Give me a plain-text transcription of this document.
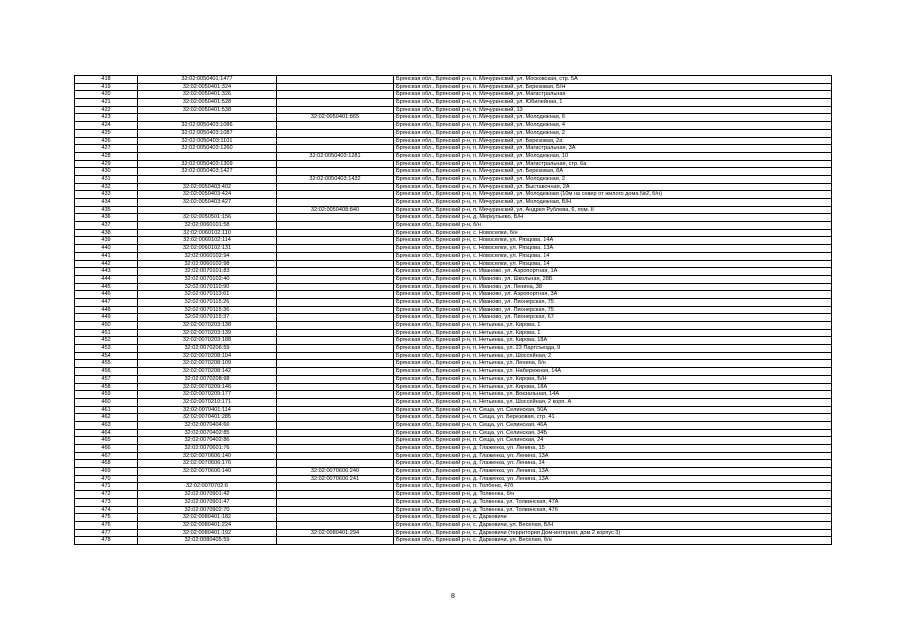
418	32:02:0050401:1477		Брянская обл., Брянский р-н, п. Мичуринский, ул. Московская, стр. 5А
419	32:02:0050401:324		Брянская обл., Брянский р-н, п. Мичуринский, ул. Березовая, Б/Н
420	32:02:0050401:326		Брянская обл., Брянский р-н, п. Мичуринский, ул. Магистральная
421	32:02:0050401:528		Брянская обл., Брянский р-н, п. Мичуринский, ул. Юбилейная, 1
422	32:02:0050401:538		Брянская обл., Брянский р-н, п. Мичуринский, 13
423		32:02:0050401:865	Брянская обл., Брянский р-н, п. Мичуринский, ул. Молодежная, 6
424	32:02:0050403:1086		Брянская обл., Брянский р-н, п. Мичуринский, ул. Молодежная, 4
425	32:02:0050403:1087		Брянская обл., Брянский р-н, п. Мичуринский, ул. Молодежная, 2
426	32:02:0050403:1101		Брянская обл., Брянский р-н, п. Мичуринский, ул. Березовая, 2а
427	32:02:0050403:1260		Брянская обл., Брянский р-н, п. Мичуринский, ул. Магистральная, 3А
428		32:02:0050403:1281	Брянская обл., Брянский р-н, п. Мичуринский, ул. Молодежная, 10
429	32:02:0050403:1309		Брянская обл., Брянский р-н, п. Мичуринский, ул. Магистральная, стр. 6а
430	32:02:0050403:1427		Брянская обл., Брянский р-н, п. Мичуринский, ул. Березовая, 8А
431		32:02:0050403:1432	Брянская обл., Брянский р-н, п. Мичуринский, ул. Молодежная, 2
432	32:02:0050403:402		Брянская обл., Брянский р-н, п. Мичуринский, ул. Выставочная, 2А
433	32:02:0050403:424		Брянская обл., Брянский р-н, п. Мичуринский, ул. Молодежная (10м на север от жилого дома №2, б/н)
434	32:02:0050403:427		Брянская обл., Брянский р-н, п. Мичуринский, ул. Молодежная, Б/Н
435		32:02:0050408:840	Брянская обл., Брянский р-н, п. Мичуринский, ул. Андрея Рублева, 6, пом. II
436	32:02:0050501:156		Брянская обл., Брянский р-н, д. Меркульево, Б/Н
437	32:02:0060101:58		Брянская обл., Брянский р-н, б/н
438	32:02:0060102:110		Брянская обл., Брянский р-н, с. Новоселки, б/н
439	32:02:0060102:114		Брянская обл., Брянский р-н, с. Новоселки, ул. Рязцова, 14А
440	32:02:0060102:131		Брянская обл., Брянский р-н, с. Новоселки, ул. Рязцова, 13А
441	32:02:0060102:94		Брянская обл., Брянский р-н, с. Новоселки, ул. Рязцова, 14
442	32:02:0060102:98		Брянская обл., Брянский р-н, с. Новоселки, ул. Рязцова, 14
443	32:02:0070101:83		Брянская обл., Брянский р-н, п. Иваново, ул. Аэропортная, 1А
444	32:02:0070102:40		Брянская обл., Брянский р-н, п. Иваново, ул. Школьная, 28Б
445	32:02:0070110:90		Брянская обл., Брянский р-н, п. Иваново, ул. Ленина, 38
446	32:02:0070113:61		Брянская обл., Брянский р-н, п. Иваново, ул. Аэропортная, 3А
447	32:02:0070115:26		Брянская обл., Брянский р-н, п. Иваново, ул. Пионерская, 75
448	32:02:0070115:36		Брянская обл., Брянский р-н, п. Иваново, ул. Пионерская, 75
449	32:02:0070115:37		Брянская обл., Брянский р-н, п. Иваново, ул. Пионерская, 67
450	32:02:0070203:138		Брянская обл., Брянский р-н, п. Нетьинка, ул. Кирова, 1
451	32:02:0070203:139		Брянская обл., Брянский р-н, п. Нетьинка, ул. Кирова, 1
452	32:02:0070203:188		Брянская обл., Брянский р-н, п. Нетьинка, ул. Кирова, 18А
453	32:02:0070206:59		Брянская обл., Брянский р-н, п. Нетьинка, ул. 23 Партсъезда, 9
454	32:02:0070208:104		Брянская обл., Брянский р-н, п. Нетьинка, ул. Шоссейная, 2
455	32:02:0070208:109		Брянская обл., Брянский р-н, п. Нетьинка, ул. Ленина, б/н
456	32:02:0070208:142		Брянская обл., Брянский р-н, п. Нетьинка, ул. Набережная, 14А
457	32:02:0070208:98		Брянская обл., Брянский р-н, п. Нетьинка, ул. Кирова, Б/Н
458	32:02:0070209:146		Брянская обл., Брянский р-н, п. Нетьинка, ул. Кирова, 18А
459	32:02:0070209:177		Брянская обл., Брянский р-н, п. Нетьинка, ул. Вокзальная, 14А
460	32:02:0070210:171		Брянская обл., Брянский р-н, п. Нетьинка, ул. Шоссейная, 2 корп. А
461	32:02:0070401:114		Брянская обл., Брянский р-н, п. Сеща, ул. Селинская, 50А
462	32:02:0070401:285		Брянская обл., Брянский р-н, п. Сеща, ул. Березовая, стр. 41
463	32:02:0070404:66		Брянская обл., Брянский р-н, п. Сеща, ул. Селинская, 46А
464	32:02:0070402:85		Брянская обл., Брянский р-н, п. Сеща, ул. Селинская, 34Б
465	32:02:0070402:86		Брянская обл., Брянский р-н, п. Сеща, ул. Селинская, 24
466	32:02:0070601:76		Брянская обл., Брянский р-н, д. Глаженка, ул. Ленина, 15
467	32:02:0070606:140		Брянская обл., Брянский р-н, д. Глаженка, ул. Ленина, 13А
468	32:02:0070606:176		Брянская обл., Брянский р-н, д. Глаженка, ул. Ленина, 14
469	32:02:0070606:140	32:02:0070606:240	Брянская обл., Брянский р-н, д. Глаженка, ул. Ленина, 13А
470		32:02:0070606:241	Брянская обл., Брянский р-н, д. Глаженка, ул. Ленина, 13А
471	32:02:0070702:6		Брянская обл., Брянский р-н, п. Толбено, 47б
472	32:02:0070901:42		Брянская обл., Брянский р-н, д. Толвенка, б/н
473	32:02:0070901:47		Брянская обл., Брянский р-н, д. Толвенка, ул. Толвинская, 47А
474	32:02:0070902:70		Брянская обл., Брянский р-н, д. Толвенка, ул. Толвинская, 47б
475	32:02:0080401:182		Брянская обл., Брянский р-н, с. Дарковичи
476	32:02:0080401:224		Брянская обл., Брянский р-н, с. Дарковичи, ул. Веселая, Б/Н
477	32:02:0080401:192	32:02:0080401:294	Брянская обл., Брянский р-н, с. Дарковичи (территория Дом-интернат, дом 2 корпус 3)
478	32:02:0080405:59		Брянская обл., Брянский р-н, с. Дарковичи, ул. Веселая, б/н
8
